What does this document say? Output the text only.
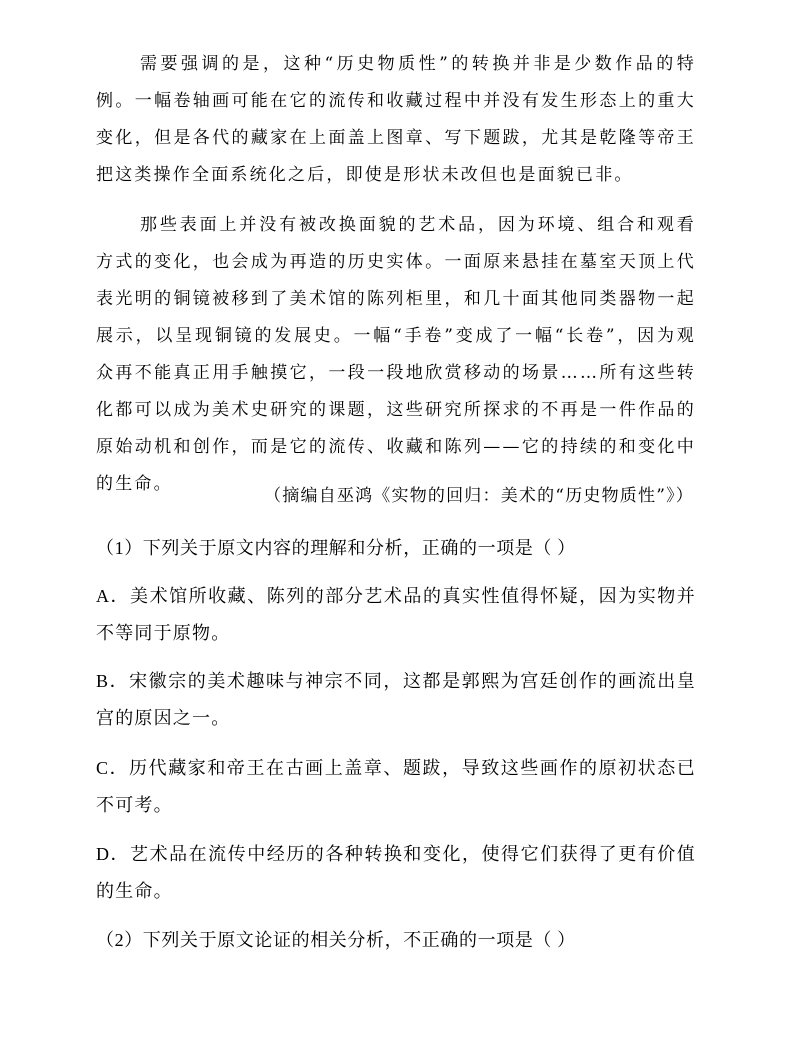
需要强调的是，这种“历史物质性”的转换并非是少数作品的特例。一幅卷轴画可能在它的流传和收藏过程中并没有发生形态上的重大变化，但是各代的藏家在上面盖上图章、写下题跋，尤其是乾隆等帝王把这类操作全面系统化之后，即使是形状未改但也是面貌已非。

那些表面上并没有被改换面貌的艺术品，因为环境、组合和观看方式的变化，也会成为再造的历史实体。一面原来悬挂在墓室天顶上代表光明的铜镜被移到了美术馆的陈列柜里，和几十面其他同类器物一起展示，以呈现铜镜的发展史。一幅“手卷”变成了一幅“长卷”，因为观众再不能真正用手触摸它，一段一段地欣赏移动的场景……所有这些转化都可以成为美术史研究的课题，这些研究所探求的不再是一件作品的原始动机和创作，而是它的流传、收藏和陈列——它的持续的和变化中的生命。

（摘编自巫鸿《实物的回归：美术的“历史物质性”》）

（1）下列关于原文内容的理解和分析，正确的一项是（ ）

A．美术馆所收藏、陈列的部分艺术品的真实性值得怀疑，因为实物并不等同于原物。

B．宋徽宗的美术趣味与神宗不同，这都是郭熙为宫廷创作的画流出皇宫的原因之一。

C．历代藏家和帝王在古画上盖章、题跋，导致这些画作的原初状态已不可考。

D．艺术品在流传中经历的各种转换和变化，使得它们获得了更有价值的生命。

（2）下列关于原文论证的相关分析，不正确的一项是（ ）
